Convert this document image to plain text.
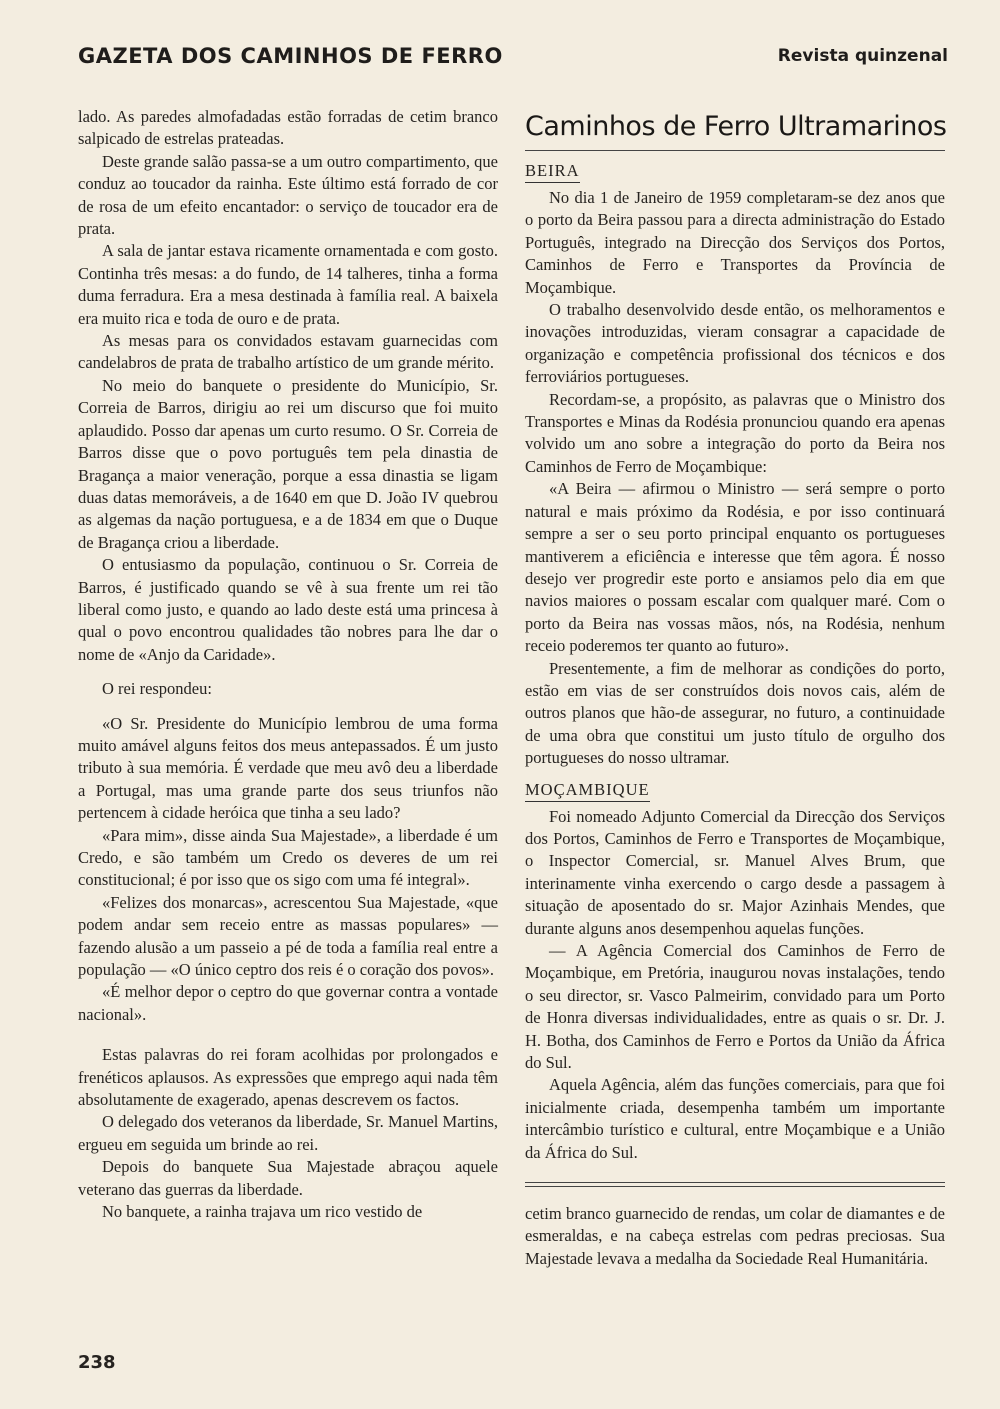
GAZETA DOS CAMINHOS DE FERRO	Revista quinzenal

lado. As paredes almofadadas estão forradas de cetim branco salpicado de estrelas prateadas.

Deste grande salão passa-se a um outro compartimento, que conduz ao toucador da rainha. Este último está forrado de cor de rosa de um efeito encantador: o serviço de toucador era de prata.

A sala de jantar estava ricamente ornamentada e com gosto. Continha três mesas: a do fundo, de 14 talheres, tinha a forma duma ferradura. Era a mesa destinada à família real. A baixela era muito rica e toda de ouro e de prata.

As mesas para os convidados estavam guarnecidas com candelabros de prata de trabalho artístico de um grande mérito.

No meio do banquete o presidente do Município, Sr. Correia de Barros, dirigiu ao rei um discurso que foi muito aplaudido. Posso dar apenas um curto resumo. O Sr. Correia de Barros disse que o povo português tem pela dinastia de Bragança a maior veneração, porque a essa dinastia se ligam duas datas memoráveis, a de 1640 em que D. João IV quebrou as algemas da nação portuguesa, e a de 1834 em que o Duque de Bragança criou a liberdade.

O entusiasmo da população, continuou o Sr. Correia de Barros, é justificado quando se vê à sua frente um rei tão liberal como justo, e quando ao lado deste está uma princesa à qual o povo encontrou qualidades tão nobres para lhe dar o nome de «Anjo da Caridade».

O rei respondeu:

«O Sr. Presidente do Município lembrou de uma forma muito amável alguns feitos dos meus antepassados. É um justo tributo à sua memória. É verdade que meu avô deu a liberdade a Portugal, mas uma grande parte dos seus triunfos não pertencem à cidade heróica que tinha a seu lado?

«Para mim», disse ainda Sua Majestade», a liberdade é um Credo, e são também um Credo os deveres de um rei constitucional; é por isso que os sigo com uma fé integral».

«Felizes dos monarcas», acrescentou Sua Majestade, «que podem andar sem receio entre as massas populares» — fazendo alusão a um passeio a pé de toda a família real entre a população — «O único ceptro dos reis é o coração dos povos».

«É melhor depor o ceptro do que governar contra a vontade nacional».

Estas palavras do rei foram acolhidas por prolongados e frenéticos aplausos. As expressões que emprego aqui nada têm absolutamente de exagerado, apenas descrevem os factos.

O delegado dos veteranos da liberdade, Sr. Manuel Martins, ergueu em seguida um brinde ao rei.

Depois do banquete Sua Majestade abraçou aquele veterano das guerras da liberdade.

No banquete, a rainha trajava um rico vestido de

Caminhos de Ferro Ultramarinos
BEIRA

No dia 1 de Janeiro de 1959 completaram-se dez anos que o porto da Beira passou para a directa administração do Estado Português, integrado na Direcção dos Serviços dos Portos, Caminhos de Ferro e Transportes da Província de Moçambique.

O trabalho desenvolvido desde então, os melhoramentos e inovações introduzidas, vieram consagrar a capacidade de organização e competência profissional dos técnicos e dos ferroviários portugueses.

Recordam-se, a propósito, as palavras que o Ministro dos Transportes e Minas da Rodésia pronunciou quando era apenas volvido um ano sobre a integração do porto da Beira nos Caminhos de Ferro de Moçambique:

«A Beira — afirmou o Ministro — será sempre o porto natural e mais próximo da Rodésia, e por isso continuará sempre a ser o seu porto principal enquanto os portugueses mantiverem a eficiência e interesse que têm agora. É nosso desejo ver progredir este porto e ansiamos pelo dia em que navios maiores o possam escalar com qualquer maré. Com o porto da Beira nas vossas mãos, nós, na Rodésia, nenhum receio poderemos ter quanto ao futuro».

Presentemente, a fim de melhorar as condições do porto, estão em vias de ser construídos dois novos cais, além de outros planos que hão-de assegurar, no futuro, a continuidade de uma obra que constitui um justo título de orgulho dos portugueses do nosso ultramar.

MOÇAMBIQUE

Foi nomeado Adjunto Comercial da Direcção dos Serviços dos Portos, Caminhos de Ferro e Transportes de Moçambique, o Inspector Comercial, sr. Manuel Alves Brum, que interinamente vinha exercendo o cargo desde a passagem à situação de aposentado do sr. Major Azinhais Mendes, que durante alguns anos desempenhou aquelas funções.

— A Agência Comercial dos Caminhos de Ferro de Moçambique, em Pretória, inaugurou novas instalações, tendo o seu director, sr. Vasco Palmeirim, convidado para um Porto de Honra diversas individualidades, entre as quais o sr. Dr. J. H. Botha, dos Caminhos de Ferro e Portos da União da África do Sul.

Aquela Agência, além das funções comerciais, para que foi inicialmente criada, desempenha também um importante intercâmbio turístico e cultural, entre Moçambique e a União da África do Sul.

cetim branco guarnecido de rendas, um colar de diamantes e de esmeraldas, e na cabeça estrelas com pedras preciosas. Sua Majestade levava a medalha da Sociedade Real Humanitária.

238
